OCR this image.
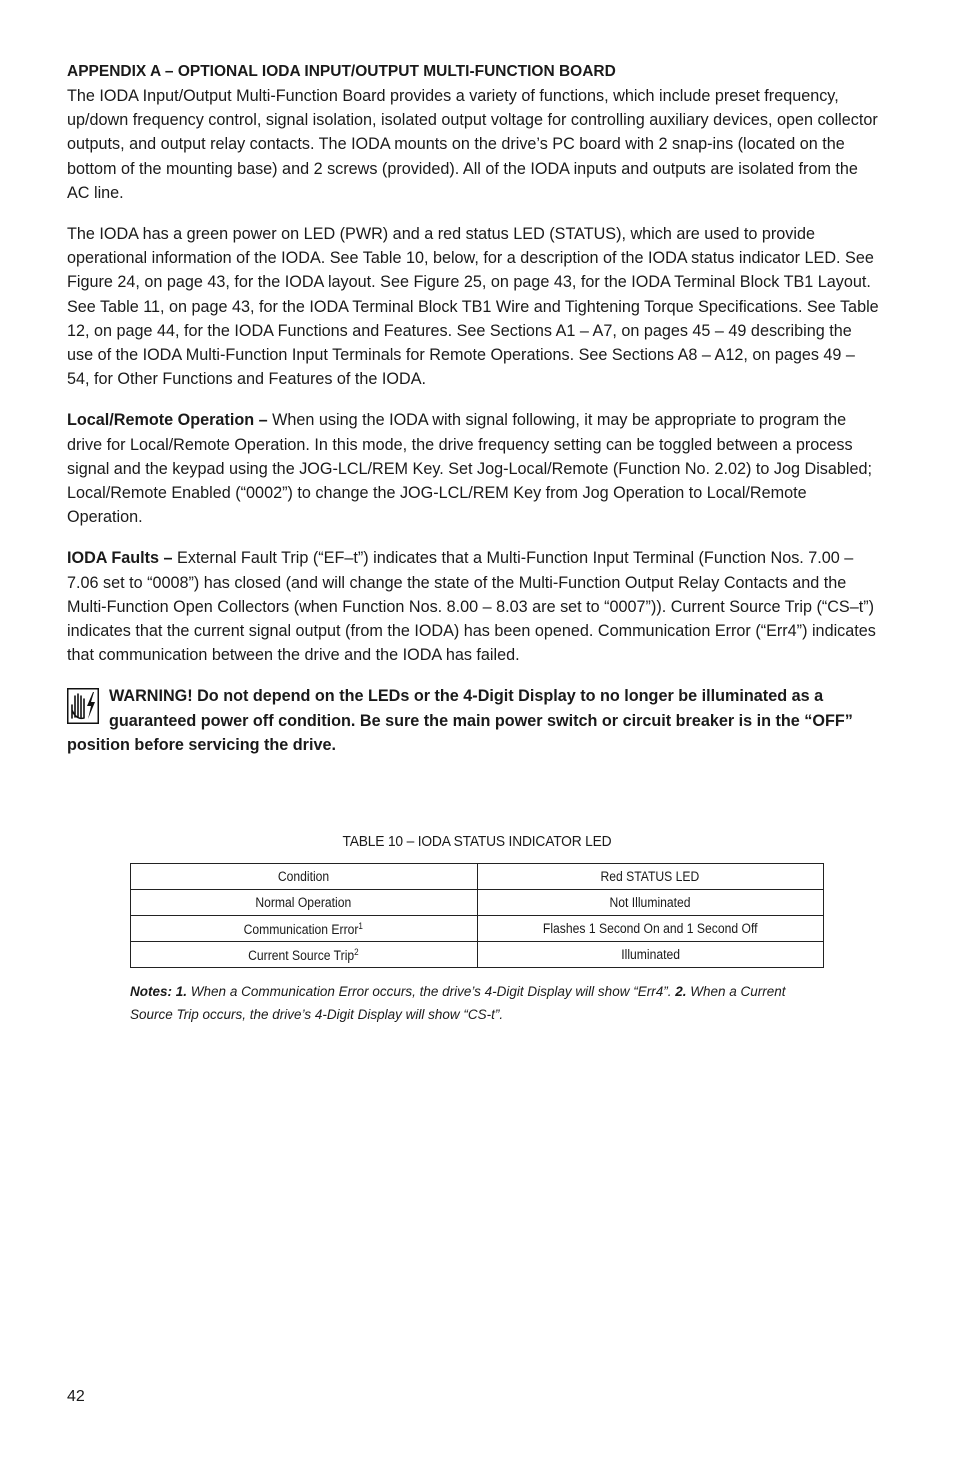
APPENDIX A – OPTIONAL IODA INPUT/OUTPUT MULTI-FUNCTION BOARD

The IODA Input/Output Multi-Function Board provides a variety of functions, which include preset frequency, up/down frequency control, signal isolation, isolated output voltage for controlling auxiliary devices, open collector outputs, and output relay contacts. The IODA mounts on the drive’s PC board with 2 snap-ins (located on the bottom of the mounting base) and 2 screws (provided). All of the IODA inputs and outputs are isolated from the AC line.

The IODA has a green power on LED (PWR) and a red status LED (STATUS), which are used to provide operational information of the IODA. See Table 10, below, for a description of the IODA status indicator LED. See Figure 24, on page 43, for the IODA layout. See Figure 25, on page 43, for the IODA Terminal Block TB1 Layout. See Table 11, on page 43, for the IODA Terminal Block TB1 Wire and Tightening Torque Specifications. See Table 12, on page 44, for the IODA Functions and Features. See Sections A1 – A7, on pages 45 – 49 describing the use of the IODA Multi-Function Input Terminals for Remote Operations. See Sections A8 – A12, on pages 49 – 54, for Other Functions and Features of the IODA.

Local/Remote Operation – When using the IODA with signal following, it may be appropriate to program the drive for Local/Remote Operation. In this mode, the drive frequency setting can be toggled between a process signal and the keypad using the JOG-LCL/REM Key. Set Jog-Local/Remote (Function No. 2.02) to Jog Disabled; Local/Remote Enabled (“0002”) to change the JOG-LCL/REM Key from Jog Operation to Local/Remote Operation.

IODA Faults – External Fault Trip (“EF–t”) indicates that a Multi-Function Input Terminal (Function Nos. 7.00 – 7.06 set to “0008”) has closed (and will change the state of the Multi-Function Output Relay Contacts and the Multi-Function Open Collectors (when Function Nos. 8.00 – 8.03 are set to “0007”)). Current Source Trip (“CS–t”) indicates that the current signal output (from the IODA) has been opened. Communication Error (“Err4”) indicates that communication between the drive and the IODA has failed.

WARNING! Do not depend on the LEDs or the 4-Digit Display to no longer be illuminated as a guaranteed power off condition. Be sure the main power switch or circuit breaker is in the “OFF” position before servicing the drive.
TABLE 10 – IODA STATUS INDICATOR LED
Condition	Red STATUS LED
Normal Operation	Not Illuminated
Communication Error$^1$	Flashes 1 Second On and 1 Second Off
Current Source Trip$^2$	Illuminated
Notes: 1. When a Communication Error occurs, the drive’s 4-Digit Display will show “Err4”. 2. When a Current Source Trip occurs, the drive’s 4-Digit Display will show “CS-t”.
42
